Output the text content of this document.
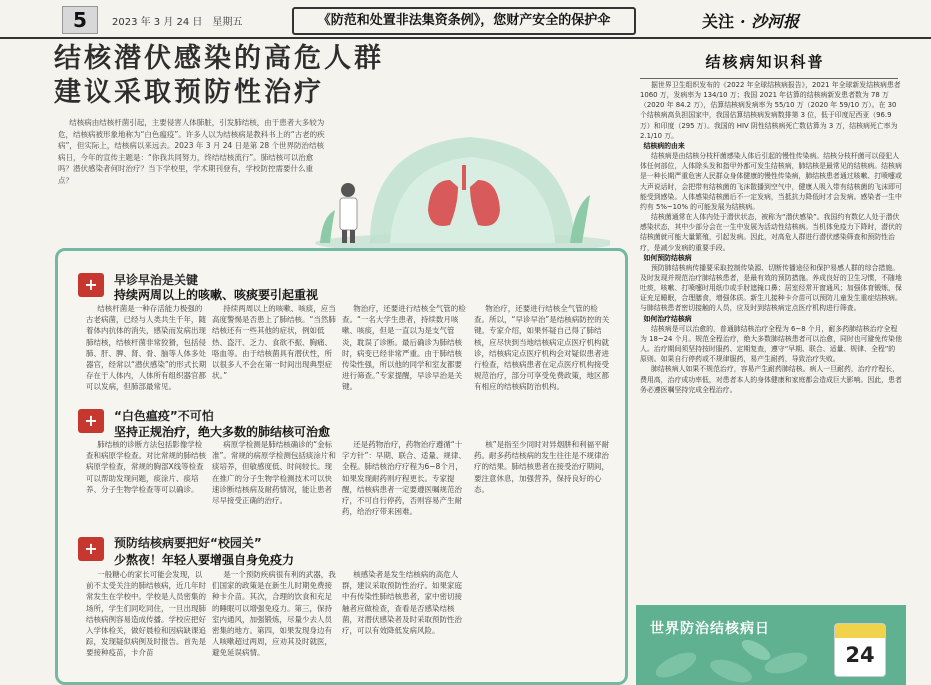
5	2023 年 3 月 24 日　星期五	《防范和处置非法集资条例》，您财产安全的保护伞	关注 · 沙河报
结核潜伏感染的高危人群
建议采取预防性治疗
结核病由结核杆菌引起，主要侵害人体肺脏，引发肺结核，由于患者大多较为危，结核病被形象地称为“白色瘟疫”。许多人以为结核病是教科书上的“古老的疾病”，但实际上，结核病以来远去。2023 年 3 月 24 日是第 28 个世界防治结核病日，今年的宣传主题是：“你我共同努力，终结结核流行”。肺结核可以治愈吗？潜伏感染者何时治疗？当下学校里，学术期刊登有，学校防控需要什么重点？
+	早诊早治是关键
持续两周以上的咳嗽、咳痰要引起重视
结核杆菌是一种存活能力极强的古老病菌，已经与人类共生千年，随着体内抗体的消失，感染而发病出现肺结核，结核杆菌非常狡猾，包括侵肺、肝、脾、肾、骨、脑等人体多处器官，经常以“潜伏感染”的形式长期存在于人体内，人体所有组织器官都可以发病，但肺部最常见。
持续两周以上的咳嗽、咳痰，应当高度警惕是否患上了肺结核。“当然肺结核还有一些其他的症状，例如低热、盗汗、乏力、食欲不振、胸痛、咯血等。由于结核菌具有潜伏性，所以很多人不会在第一时间出现典型症状。”
物治疗，还要进行结核全气管的检查。“一名大学生患者，持续数月咳嗽、咳痰，但是一直以为是支气管炎，耽误了诊断。最后确诊为肺结核时，病变已经非常严重。由于肺结核传染性强，所以他的同学和室友都要进行筛查。”专家提醒，早诊早治是关键。
物治疗，还要进行结核全气管的检查。所以，“早诊早治”是结核病防控的关键。专家介绍，如果怀疑自己得了肺结核，应尽快到当地结核病定点医疗机构就诊，结核病定点医疗机构会对疑似患者进行检查，结核病患者在定点医疗机构接受规范治疗，部分可享受免费政策，地区都有相应的结核病防治机构。
+	“白色瘟疫”不可怕
坚持正规治疗，绝大多数的肺结核可治愈
肺结核的诊断方法包括影像学检查和病原学检查。对比常规的肺结核病原学检查，常规的胸部X线等检查可以帮助发现问题，痰涂片、痰培养、分子生物学检查等可以确诊。
病原学检测是肺结核确诊的“金标准”。常规的病原学检测包括痰涂片和痰培养，但敏感度低、时间较长。现在推广的分子生物学检测技术可以快速诊断结核病及耐药情况，能让患者尽早接受正确的治疗。
还是药物治疗，药物治疗遵循“十字方针”：早期、联合、适量、规律、全程。肺结核治疗疗程为6~8个月，如果发现耐药则疗程更长。专家提醒，结核病患者一定要遵医嘱规范治疗，不可自行停药，否则容易产生耐药，给治疗带来困难。
核”是指至少同时对异烟肼和利福平耐药。耐多药结核病的发生往往是不规律治疗的结果。肺结核患者在接受治疗期间，要注意休息，加强营养，保持良好的心态。
+	预防结核病要把好“校园关”
少熬夜！年轻人要增强自身免疫力
一般糖心的家长可能会发现，以前不太受关注的肺结核病，近几年时常发生在学校中。学校是人员密集的场所，学生们同吃同住，一旦出现肺结核病例容易造成传播。学校应把好入学体检关，做好晨检和因病缺课追踪，发现疑似病例及时报告。首先是要接种疫苗，卡介苗
是一个预防疾病很有利的武器，我们国家的政策是在新生儿时期免费接种卡介苗。其次，合理的饮食和充足的睡眠可以增强免疫力。第三，保持室内通风，加强锻炼，尽量少去人员密集的地方。第四，如果发现身边有人咳嗽超过两周，应劝其及时就医，避免延误病情。
核感染者是发生结核病的高危人群，建议采取预防性治疗。如果家庭中有传染性肺结核患者，家中密切接触者应做检查，查看是否感染结核菌，对潜伏感染者及时采取预防性治疗，可以有效降低发病风险。
结核病知识科普

据世界卫生组织发布的《2022 年全球结核病报告》，2021 年全球新发结核病患者 1060 万，发病率为 134/10 万；我国 2021 年估算的结核病新发患者数为 78 万（2020 年 84.2 万），估算结核病发病率为 55/10 万（2020 年 59/10 万）。在 30 个结核病高负担国家中，我国估算结核病发病数排第 3 位，低于印度尼西亚（96.9 万）和印度（295 万）。我国的 HIV 阴性结核病死亡数估算为 3 万，结核病死亡率为 2.1/10 万。

结核病的由来

结核病是由结核分枝杆菌感染人体后引起的慢性传染病。结核分枝杆菌可以侵犯人体任何部位，人体除头发和指甲外都可发生结核病，肺结核是最常见的结核病。结核病是一种长期严重危害人民群众身体健康的慢性传染病，肺结核患者通过咳嗽、打喷嚏或大声说话时，会把带有结核菌的飞沫散播到空气中，健康人吸入带有结核菌的飞沫即可能受到感染。人体感染结核菌后不一定发病，当抵抗力降低时才会发病。感染者一生中约有 5%~10% 的可能发展为结核病。

结核菌通常在人体内处于潜伏状态，被称为“潜伏感染”。我国约有数亿人处于潜伏感染状态，其中少部分会在一生中发展为活动性结核病。当机体免疫力下降时，潜伏的结核菌就可能大量繁殖，引起发病。因此，对高危人群进行潜伏感染筛查和预防性治疗，是减少发病的重要手段。

如何预防结核病

预防肺结核病传播要采取控制传染源、切断传播途径和保护易感人群的综合措施。及时发现并规范治疗肺结核患者，是最有效的预防措施。养成良好的卫生习惯，不随地吐痰，咳嗽、打喷嚏时用纸巾或手肘遮掩口鼻；居室经常开窗通风；加强体育锻炼，保证充足睡眠，合理膳食，增强体质。新生儿接种卡介苗可以预防儿童发生重症结核病。与肺结核患者密切接触的人员，应及时到结核病定点医疗机构进行筛查。

如何治疗结核病

结核病是可以治愈的，普通肺结核治疗全程为 6~8 个月，耐多药肺结核治疗全程为 18~24 个月。规范全程治疗，绝大多数肺结核患者可以治愈，同时也可避免传染他人。治疗期间须坚持按时服药、定期复查，遵守“早期、联合、适量、规律、全程”的原则。如果自行停药或不规律服药，易产生耐药，导致治疗失败。

肺结核病人如果不规范治疗，容易产生耐药肺结核。病人一旦耐药，治疗疗程长，费用高，治疗成功率低，对患者本人的身体健康和家庭都会造成巨大影响。因此，患者务必遵医嘱坚持完成全程治疗。

世界防治结核病日
24
